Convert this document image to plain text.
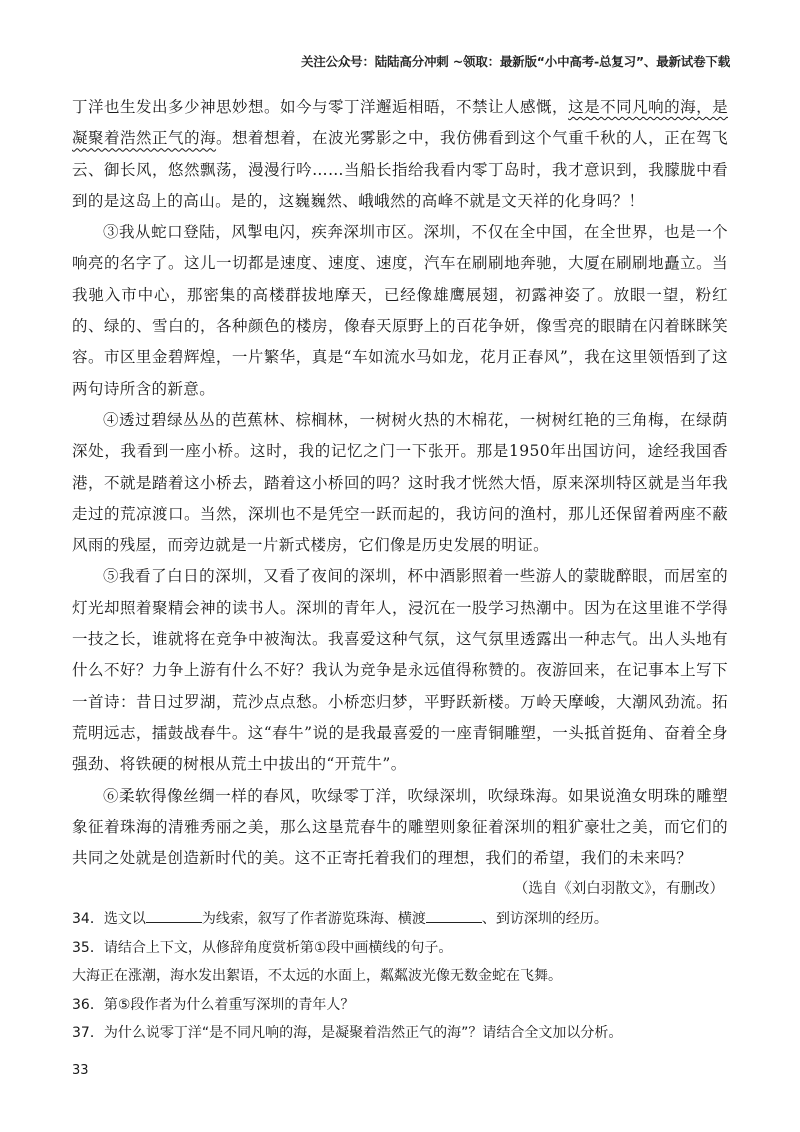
关注公众号：陆陆高分冲刺 ~领取：最新版“小中高考-总复习”、最新试卷下载

丁洋也生发出多少神思妙想。如今与零丁洋邂逅相晤，不禁让人感慨，这是不同凡响的海，是凝聚着浩然正气的海。想着想着，在波光雾影之中，我仿佛看到这个气重千秋的人，正在驾飞云、御长风，悠然飘荡，漫漫行吟……当船长指给我看内零丁岛时，我才意识到，我朦胧中看到的是这岛上的高山。是的，这巍巍然、峨峨然的高峰不就是文天祥的化身吗？！

③我从蛇口登陆，风掣电闪，疾奔深圳市区。深圳，不仅在全中国，在全世界，也是一个响亮的名字了。这儿一切都是速度、速度、速度，汽车在刷刷地奔驰，大厦在刷刷地矗立。当我驰入市中心，那密集的高楼群拔地摩天，已经像雄鹰展翅，初露神姿了。放眼一望，粉红的、绿的、雪白的，各种颜色的楼房，像春天原野上的百花争妍，像雪亮的眼睛在闪着眯眯笑容。市区里金碧辉煌，一片繁华，真是“车如流水马如龙，花月正春风”，我在这里领悟到了这两句诗所含的新意。

④透过碧绿丛丛的芭蕉林、棕榈林，一树树火热的木棉花，一树树红艳的三角梅，在绿荫深处，我看到一座小桥。这时，我的记忆之门一下张开。那是1950年出国访问，途经我国香港，不就是踏着这小桥去，踏着这小桥回的吗？这时我才恍然大悟，原来深圳特区就是当年我走过的荒凉渡口。当然，深圳也不是凭空一跃而起的，我访问的渔村，那儿还保留着两座不蔽风雨的残屋，而旁边就是一片新式楼房，它们像是历史发展的明证。

⑤我看了白日的深圳，又看了夜间的深圳，杯中酒影照着一些游人的蒙眬醉眼，而居室的灯光却照着聚精会神的读书人。深圳的青年人，浸沉在一股学习热潮中。因为在这里谁不学得一技之长，谁就将在竞争中被淘汰。我喜爱这种气氛，这气氛里透露出一种志气。出人头地有什么不好？力争上游有什么不好？我认为竞争是永远值得称赞的。夜游回来，在记事本上写下一首诗：昔日过罗湖，荒沙点点愁。小桥恋归梦，平野跃新楼。万岭天摩峻，大潮风劲流。拓荒明远志，擂鼓战春牛。这“春牛”说的是我最喜爱的一座青铜雕塑，一头抵首挺角、奋着全身强劲、将铁硬的树根从荒土中拔出的“开荒牛”。

⑥柔软得像丝绸一样的春风，吹绿零丁洋，吹绿深圳，吹绿珠海。如果说渔女明珠的雕塑象征着珠海的清雅秀丽之美，那么这垦荒春牛的雕塑则象征着深圳的粗犷豪壮之美，而它们的共同之处就是创造新时代的美。这不正寄托着我们的理想，我们的希望，我们的未来吗？

（选自《刘白羽散文》，有删改）

34．选文以	为线索，叙写了作者游览珠海、横渡	、到访深圳的经历。

35．请结合上下文，从修辞角度赏析第①段中画横线的句子。

大海正在涨潮，海水发出絮语，不太远的水面上，粼粼波光像无数金蛇在飞舞。

36．第⑤段作者为什么着重写深圳的青年人？

37．为什么说零丁洋“是不同凡响的海，是凝聚着浩然正气的海”？请结合全文加以分析。

33
